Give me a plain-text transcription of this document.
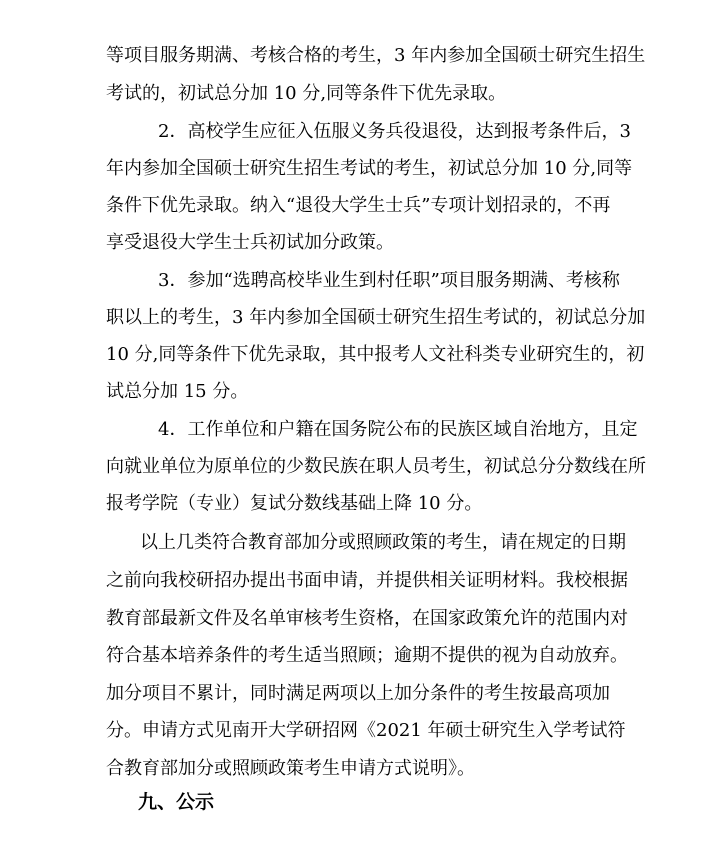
等 项 目 服 务 期 满 、 考 核 合 格 的 考 生 ， 3
年 内 参 加 全 国 硕 士 研 究 生 招 生
考试的，初试总分加 10 分,同等条件下优先录取。
2．高校学生应征入伍服义务兵役退役，达到报考条件后，3
年 内 参 加 全 国 硕 士 研 究 生 招 生 考 试 的 考 生 ， 初 试 总 分 加
1 0
分 , 同 等
条 件 下 优 先 录 取 。 纳 入 “ 退 役 大 学 生 士 兵 ” 专 项 计 划 招 录 的 ， 不 再
享受退役大学生士兵初试加分政策。
3．参加“选聘高校毕业生到村任职”项目服务期满、考核称
职 以 上 的 考 生 ， 3
年 内 参 加 全 国 硕 士 研 究 生 招 生 考 试 的 ， 初 试 总 分 加
1 0
分 , 同 等 条 件 下 优 先 录 取 ， 其 中 报 考 人 文 社 科 类 专 业 研 究 生 的 ， 初
试总分加 15 分。
4．工作单位和户籍在国务院公布的民族区域自治地方，且定
向 就 业 单 位 为 原 单 位 的 少 数 民 族 在 职 人 员 考 生 ， 初 试 总 分 分 数 线 在 所
报考学院（专业）复试分数线基础上降 10 分。
以上几类符合教育部加分或照顾政策的考生，请在规定的日期
之 前 向 我 校 研 招 办 提 出 书 面 申 请 ， 并 提 供 相 关 证 明 材 料 。 我 校 根 据
教 育 部 最 新 文 件 及 名 单 审 核 考 生 资 格 ， 在 国 家 政 策 允 许 的 范 围 内 对
符 合 基 本 培 养 条 件 的 考 生 适 当 照 顾 ； 逾 期 不 提 供 的 视 为 自 动 放 弃 。
加 分 项 目 不 累 计 ， 同 时 满 足 两 项 以 上 加 分 条 件 的 考 生 按 最 高 项 加
分 。 申 请 方 式 见 南 开 大 学 研 招 网 《 2 0 2 1
年 硕 士 研 究 生 入 学 考 试 符
合教育部加分或照顾政策考生申请方式说明》。
九、公示
